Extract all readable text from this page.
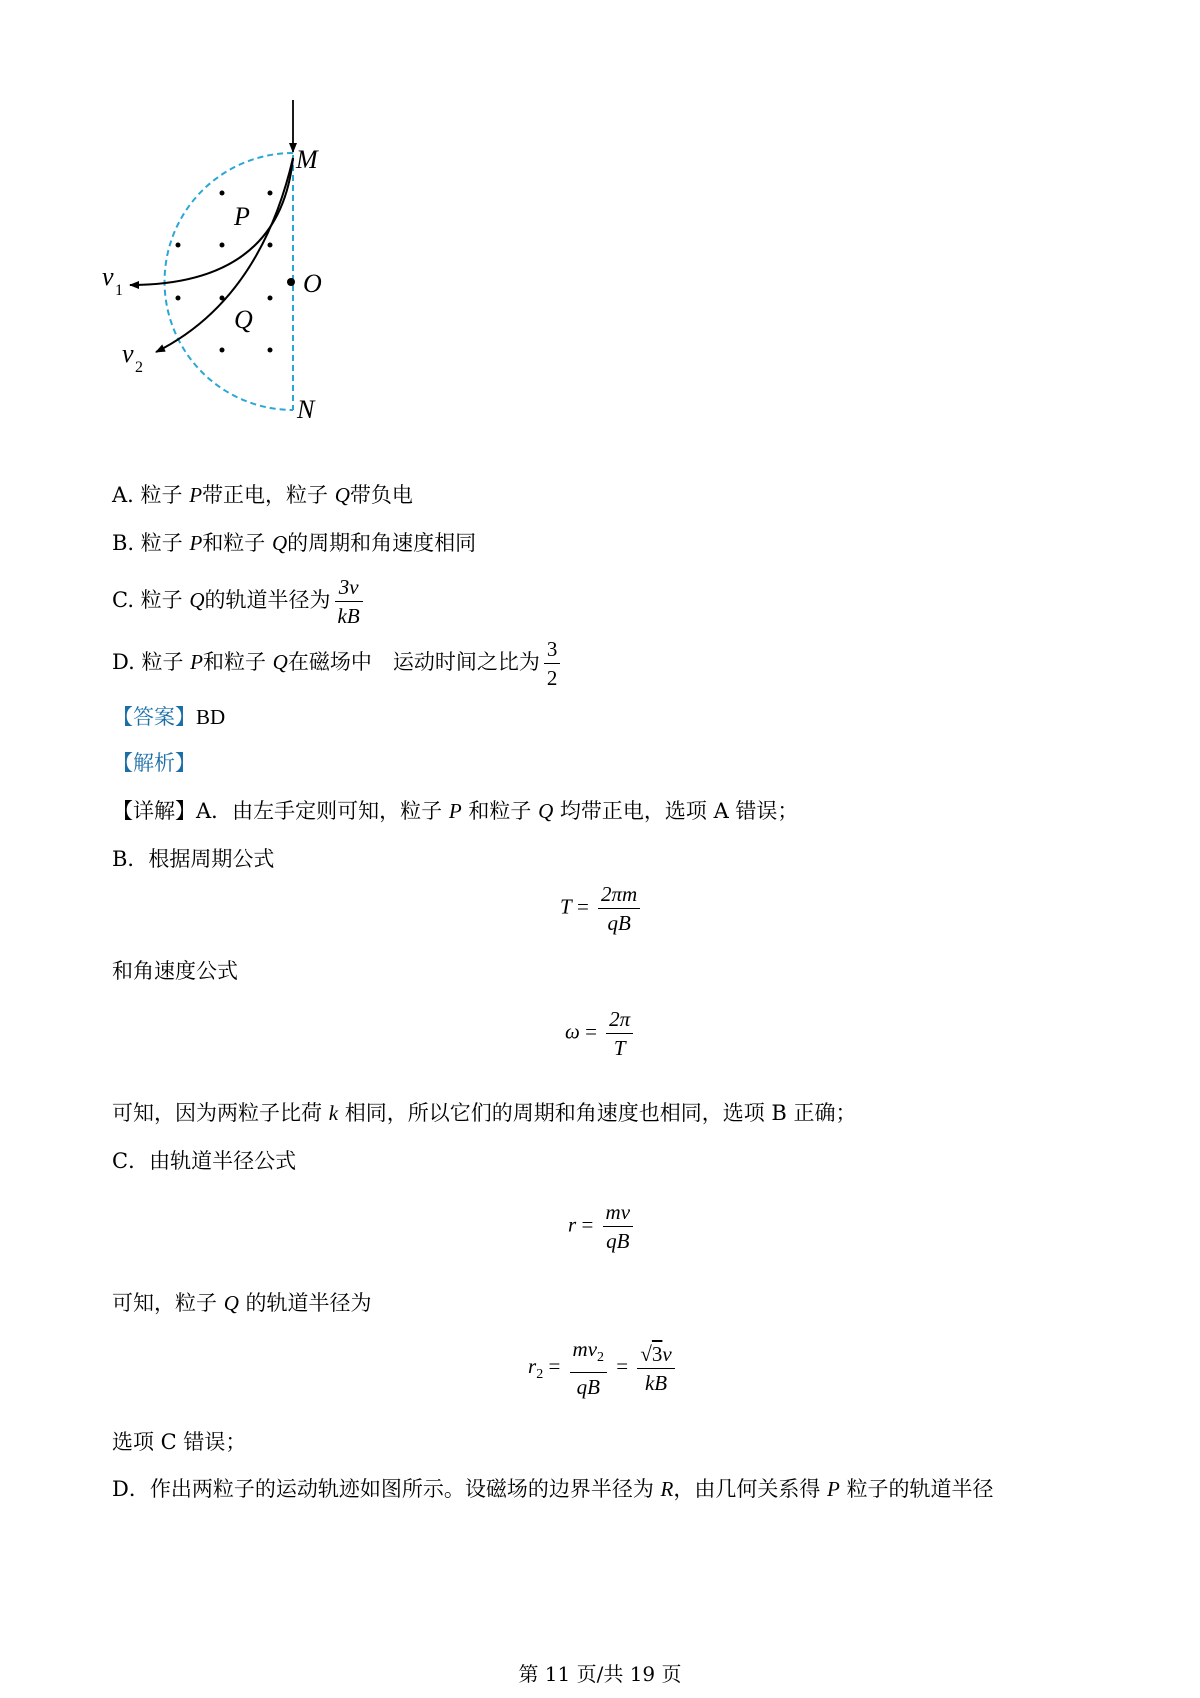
M
P
O
Q
N
v 1
v 2
A. 粒子 P带正电，粒子 Q带负电
B. 粒子 P和粒子 Q的周期和角速度相同
C. 粒子 Q的轨道半径为 $\frac{3v}{kB}$
D. 粒子 P和粒子 Q在磁场中　运动时间之比为 $\frac{3}{2}$
【答案】BD
【解析】
【详解】A．由左手定则可知，粒子 P 和粒子 Q 均带正电，选项 A 错误；
B．根据周期公式
$T = \frac{2\pi m}{qB}$
和角速度公式
$\omega = \frac{2\pi}{T}$
可知，因为两粒子比荷 k 相同，所以它们的周期和角速度也相同，选项 B 正确；
C．由轨道半径公式
$r = \frac{mv}{qB}$
可知，粒子 Q 的轨道半径为
$r_2 = \frac{mv_2}{qB} = \frac{√3v}{kB}$
选项 C 错误；
D．作出两粒子的运动轨迹如图所示。设磁场的边界半径为 R，由几何关系得 P 粒子的轨道半径
第 11 页/共 19 页
